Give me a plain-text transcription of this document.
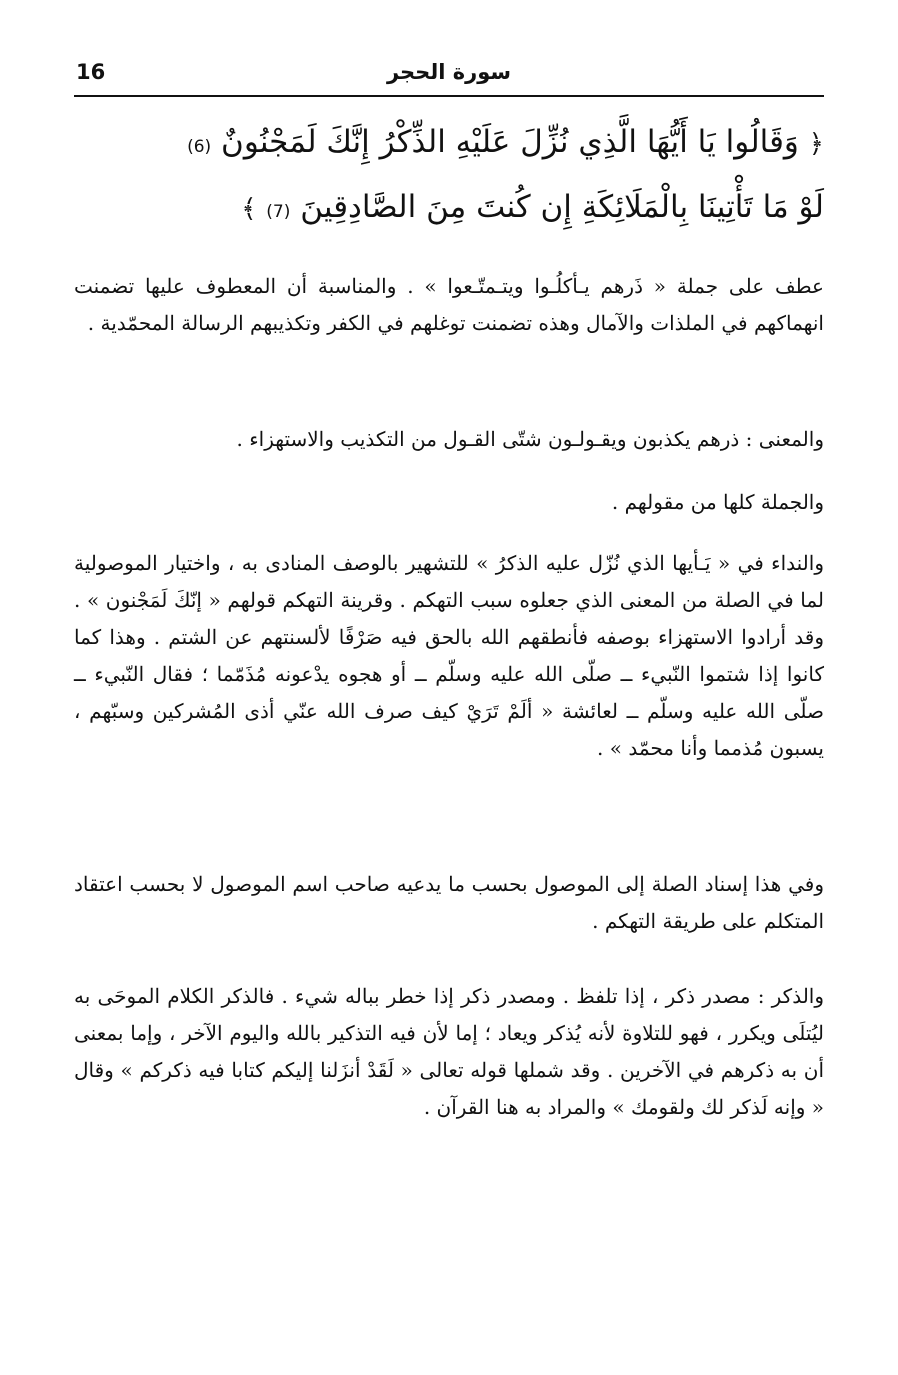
16	سورة الحجر
﴿ وَقَالُوا يَا أَيُّهَا الَّذِي نُزِّلَ عَلَيْهِ الذِّكْرُ إِنَّكَ لَمَجْنُونٌ (6)
لَوْ مَا تَأْتِينَا بِالْمَلَائِكَةِ إِن كُنتَ مِنَ الصَّادِقِينَ (7) ﴾

عطف على جملة « ذَرهم يـأكلُـوا ويتـمتّـعوا » . والمناسبة أن المعطوف عليها تضمنت انهماكهم في الملذات والآمال وهذه تضمنت توغلهم في الكفر وتكذيبهم الرسالة المحمّدية .

والمعنى : ذرهم يكذبون ويقـولـون شتّى القـول من التكذيب والاستهزاء .

والجملة كلها من مقولهم .

والنداء في « يَـأيها الذي نُزّل عليه الذكرُ » للتشهير بالوصف المنادى به ، واختيار الموصولية لما في الصلة من المعنى الذي جعلوه سبب التهكم . وقرينة التهكم قولهم « إنّكَ لَمَجْنون » . وقد أرادوا الاستهزاء بوصفه فأنطقهم الله بالحق فيه صَرْفًا لألسنتهم عن الشتم . وهذا كما كانوا إذا شتموا النّبيء ــ صلّى الله عليه وسلّم ــ أو هجوه يدْعونه مُذَمّما ؛ فقال النّبيء ــ صلّى الله عليه وسلّم ــ لعائشة « ألَمْ تَرَيْ كيف صرف الله عنّي أذى المُشركين وسبّهم ، يسبون مُذمما وأنا محمّد » .

وفي هذا إسناد الصلة إلى الموصول بحسب ما يدعيه صاحب اسم الموصول لا بحسب اعتقاد المتكلم على طريقة التهكم .

والذكر : مصدر ذكر ، إذا تلفظ . ومصدر ذكر إذا خطر بباله شيء . فالذكر الكلام الموحَى به ليُتلَى ويكرر ، فهو للتلاوة لأنه يُذكر ويعاد ؛ إما لأن فيه التذكير بالله واليوم الآخر ، وإما بمعنى أن به ذكرهم في الآخرين . وقد شملها قوله تعالى « لَقَدْ أنزَلنا إليكم كتابا فيه ذكركم » وقال « وإنه لَذكر لك ولقومك » والمراد به هنا القرآن .
